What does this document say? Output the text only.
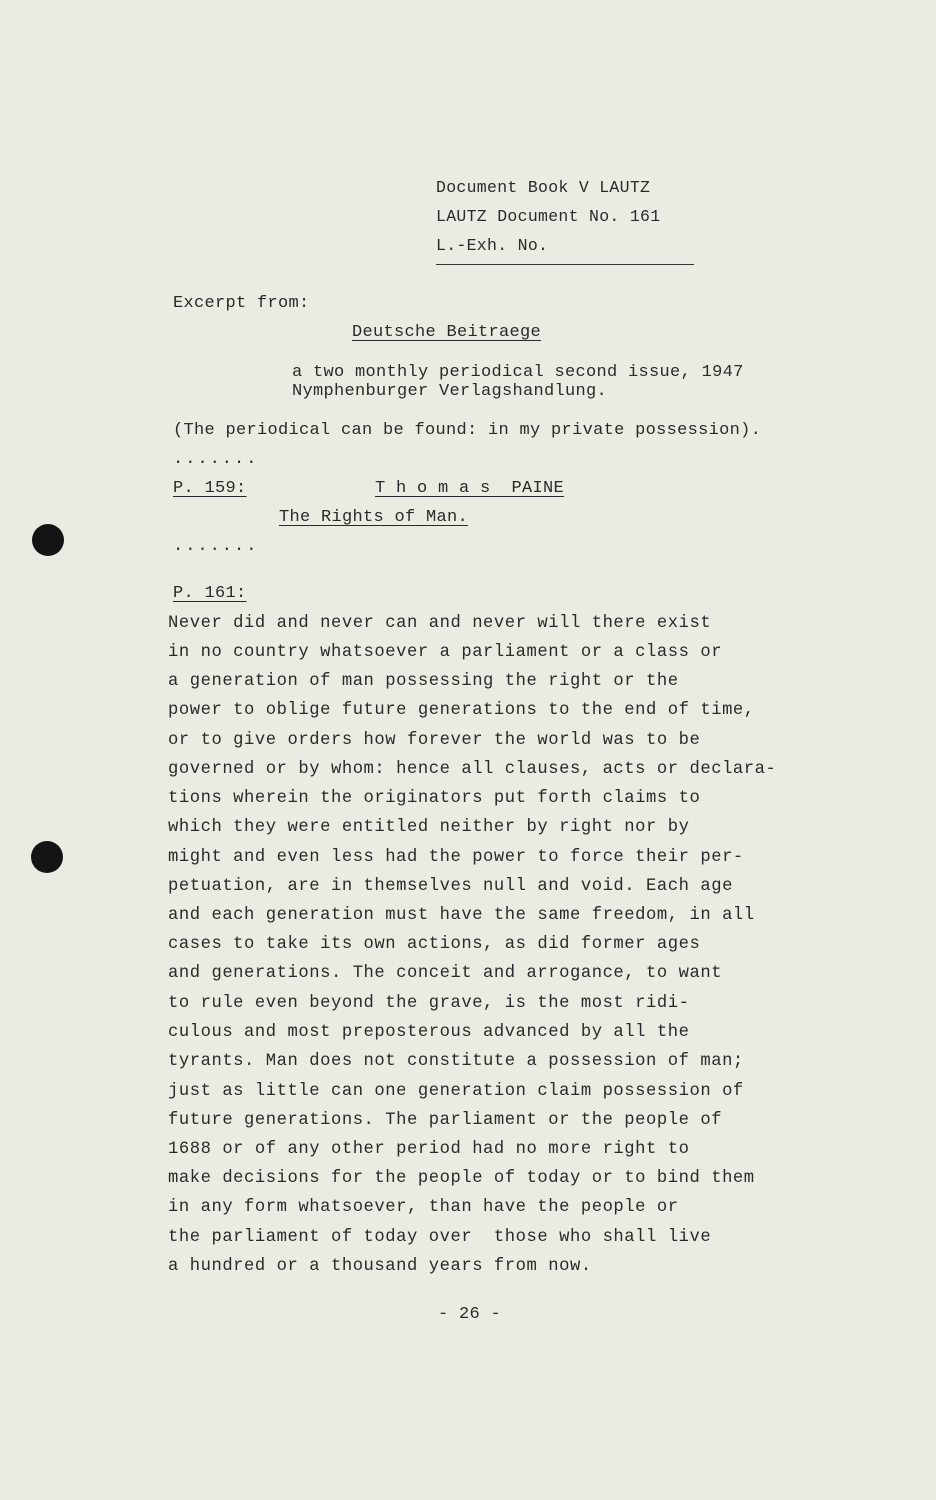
Document Book V LAUTZ
LAUTZ Document No. 161
L.-Exh. No.
Excerpt from:
Deutsche Beitraege
a two monthly periodical second issue, 1947
Nymphenburger Verlagshandlung.
(The periodical can be found: in my private possession).
.......
P. 159:	T h o m a s  PAINE
The Rights of Man.
.......
P. 161:
Never did and never can and never will there exist
in no country whatsoever a parliament or a class or
a generation of man possessing the right or the
power to oblige future generations to the end of time,
or to give orders how forever the world was to be
governed or by whom: hence all clauses, acts or declara-
tions wherein the originators put forth claims to
which they were entitled neither by right nor by
might and even less had the power to force their per-
petuation, are in themselves null and void. Each age
and each generation must have the same freedom, in all
cases to take its own actions, as did former ages
and generations. The conceit and arrogance, to want
to rule even beyond the grave, is the most ridi-
culous and most preposterous advanced by all the
tyrants. Man does not constitute a possession of man;
just as little can one generation claim possession of
future generations. The parliament or the people of
1688 or of any other period had no more right to
make decisions for the people of today or to bind them
in any form whatsoever, than have the people or
the parliament of today over  those who shall live
a hundred or a thousand years from now.
- 26 -
